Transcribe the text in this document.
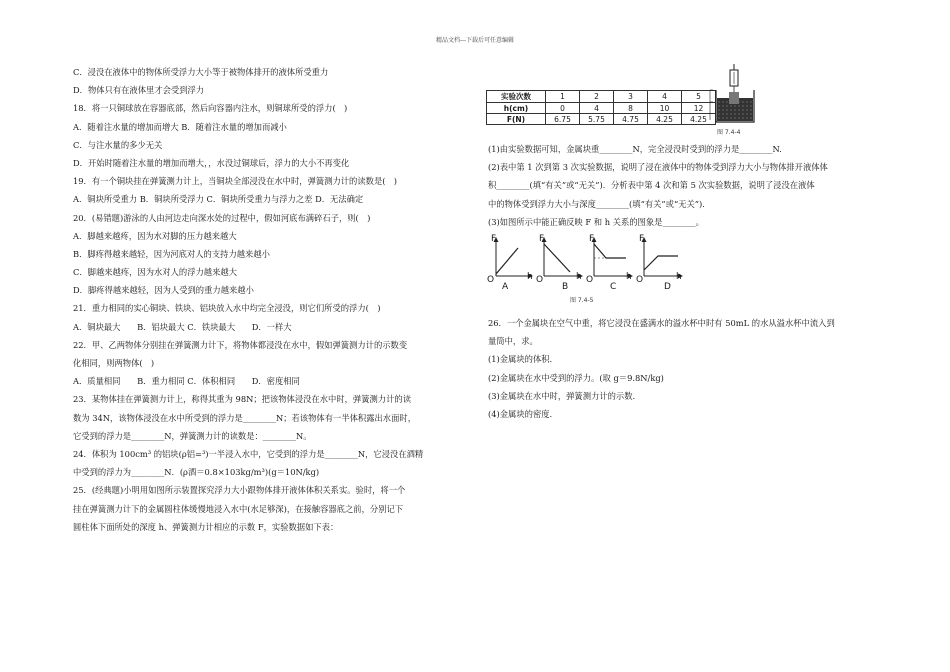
精品文档---下载后可任意编辑
C．浸没在液体中的物体所受浮力大小等于被物体排开的液体所受重力
D．物体只有在液体里才会受到浮力
18．将一只铜球放在容器底部，然后向容器内注水，则铜球所受的浮力(　)
A．随着注水量的增加而增大 B．随着注水量的增加而减小
C．与注水量的多少无关
D．开始时随着注水量的增加而增大，，水没过铜球后，浮力的大小不再变化
19．有一个铜块挂在弹簧测力计上，当铜块全部浸没在水中时，弹簧测力计的读数是(　)
A．铜块所受重力 B．铜块所受浮力 C．铜块所受重力与浮力之差 D．无法确定
20．(易错题)游泳的人由河边走向深水处的过程中，假如河底布满碎石子，则(　)
A．脚越来越疼，因为水对脚的压力越来越大
B．脚疼得越来越轻，因为河底对人的支持力越来越小
C．脚越来越疼，因为水对人的浮力越来越大
D．脚疼得越来越轻，因为人受到的重力越来越小
21．重力相同的实心铜块、铁块、铝块放入水中均完全浸没，则它们所受的浮力(　)
A．铜块最大　　B．铝块最大 C．铁块最大　　D．一样大
22．甲、乙两物体分别挂在弹簧测力计下，将物体都浸没在水中，假如弹簧测力计的示数变
化相同，则两物体(　)
A．质量相同　　B．重力相同 C．体积相同　　D．密度相同
23．某物体挂在弹簧测力计上，称得其重为 98N；把该物体浸没在水中时，弹簧测力计的读
数为 34N，该物体浸没在水中所受到的浮力是________N；若该物体有一半体积露出水面时，
它受到的浮力是________N，弹簧测力计的读数是：________N。
24．体积为 100cm³ 的铝块(ρ铝=³)一半浸入水中，它受到的浮力是________N，它浸没在酒精
中受到的浮力为________N．(ρ酒＝0.8×103kg/m³)(g＝10N/kg)
25．(经典题)小明用如图所示装置探究浮力大小跟物体排开液体体积关系实。验时，将一个
挂在弹簧测力计下的金属圆柱体缓慢地浸入水中(水足够深)，在接触容器底之前，分别记下
圆柱体下面所处的深度 h、弹簧测力计相应的示数 F，实验数据如下表：
实验次数	1	2	3	4	5
h(cm)	0	4	8	10	12
F(N)	6.75	5.75	4.75	4.25	4.25
图 7.4-4
(1)由实验数据可知，金属块重________N，完全浸没时受到的浮力是________N.
(2)表中第 1 次到第 3 次实验数据，说明了浸在液体中的物体受到浮力大小与物体排开液体体
积________(填“有关”或“无关”)．分析表中第 4 次和第 5 次实验数据，说明了浸没在液体
中的物体受到浮力大小与深度________(填“有关”或“无关”)．
(3)如图所示中能正确反映 F 和 h 关系的图象是________。
F
O	h
A
F
O	h
B
F
O	h
C
F
O	h
D
图 7.4-5
26．一个金属块在空气中重，将它浸没在盛满水的溢水杯中时有 50mL 的水从溢水杯中流入到
量筒中，求。
(1)金属块的体积.
(2)金属块在水中受到的浮力。(取 g＝9.8N/kg)
(3)金属块在水中时，弹簧测力计的示数.
(4)金属块的密度.
